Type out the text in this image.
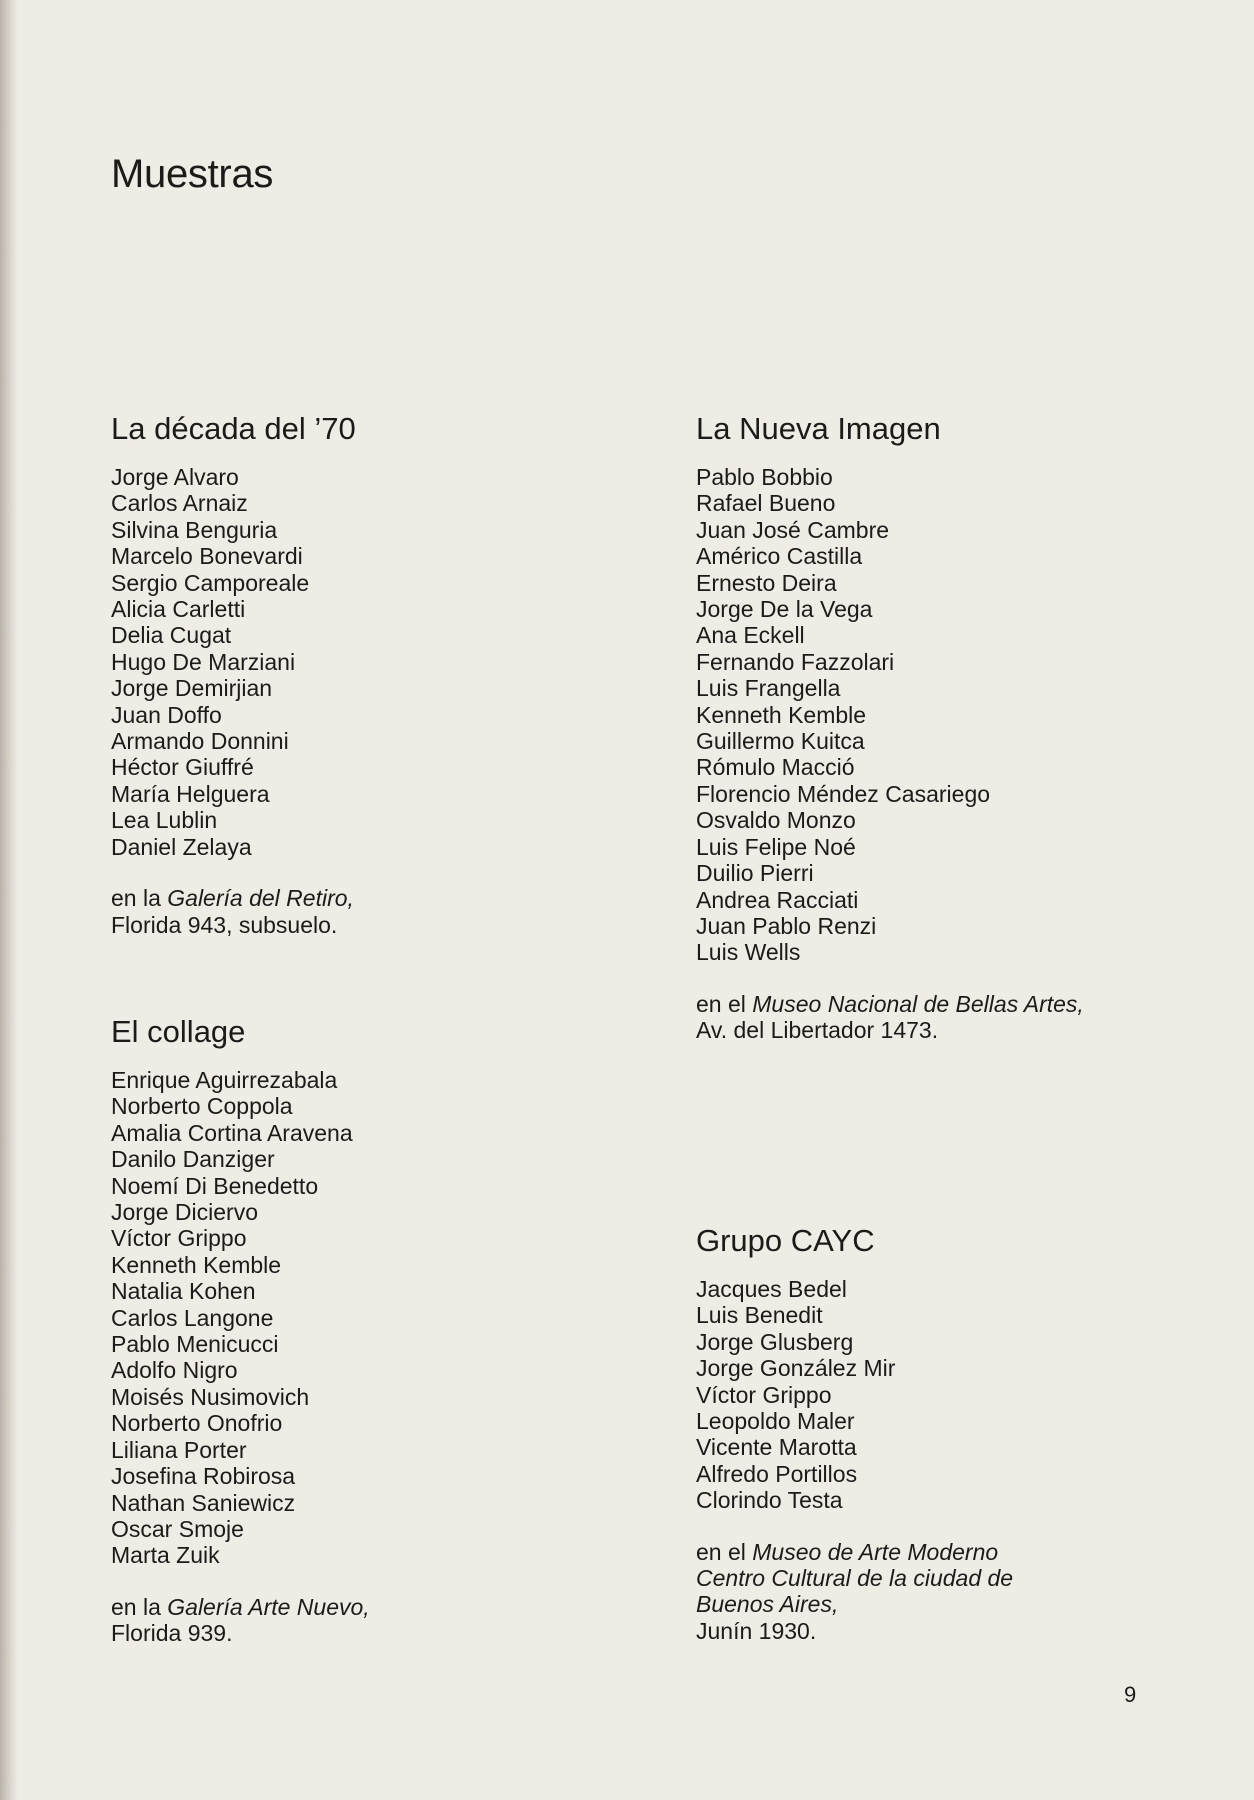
Muestras
La década del ’70
Jorge Alvaro
Carlos Arnaiz
Silvina Benguria
Marcelo Bonevardi
Sergio Camporeale
Alicia Carletti
Delia Cugat
Hugo De Marziani
Jorge Demirjian
Juan Doffo
Armando Donnini
Héctor Giuffré
María Helguera
Lea Lublin
Daniel Zelaya
en la Galería del Retiro,
Florida 943, subsuelo.
El collage
Enrique Aguirrezabala
Norberto Coppola
Amalia Cortina Aravena
Danilo Danziger
Noemí Di Benedetto
Jorge Diciervo
Víctor Grippo
Kenneth Kemble
Natalia Kohen
Carlos Langone
Pablo Menicucci
Adolfo Nigro
Moisés Nusimovich
Norberto Onofrio
Liliana Porter
Josefina Robirosa
Nathan Saniewicz
Oscar Smoje
Marta Zuik
en la Galería Arte Nuevo,
Florida 939.
La Nueva Imagen
Pablo Bobbio
Rafael Bueno
Juan José Cambre
Américo Castilla
Ernesto Deira
Jorge De la Vega
Ana Eckell
Fernando Fazzolari
Luis Frangella
Kenneth Kemble
Guillermo Kuitca
Rómulo Macció
Florencio Méndez Casariego
Osvaldo Monzo
Luis Felipe Noé
Duilio Pierri
Andrea Racciati
Juan Pablo Renzi
Luis Wells
en el Museo Nacional de Bellas Artes,
Av. del Libertador 1473.
Grupo CAYC
Jacques Bedel
Luis Benedit
Jorge Glusberg
Jorge González Mir
Víctor Grippo
Leopoldo Maler
Vicente Marotta
Alfredo Portillos
Clorindo Testa
en el Museo de Arte Moderno
Centro Cultural de la ciudad de
Buenos Aires,
Junín 1930.
9
